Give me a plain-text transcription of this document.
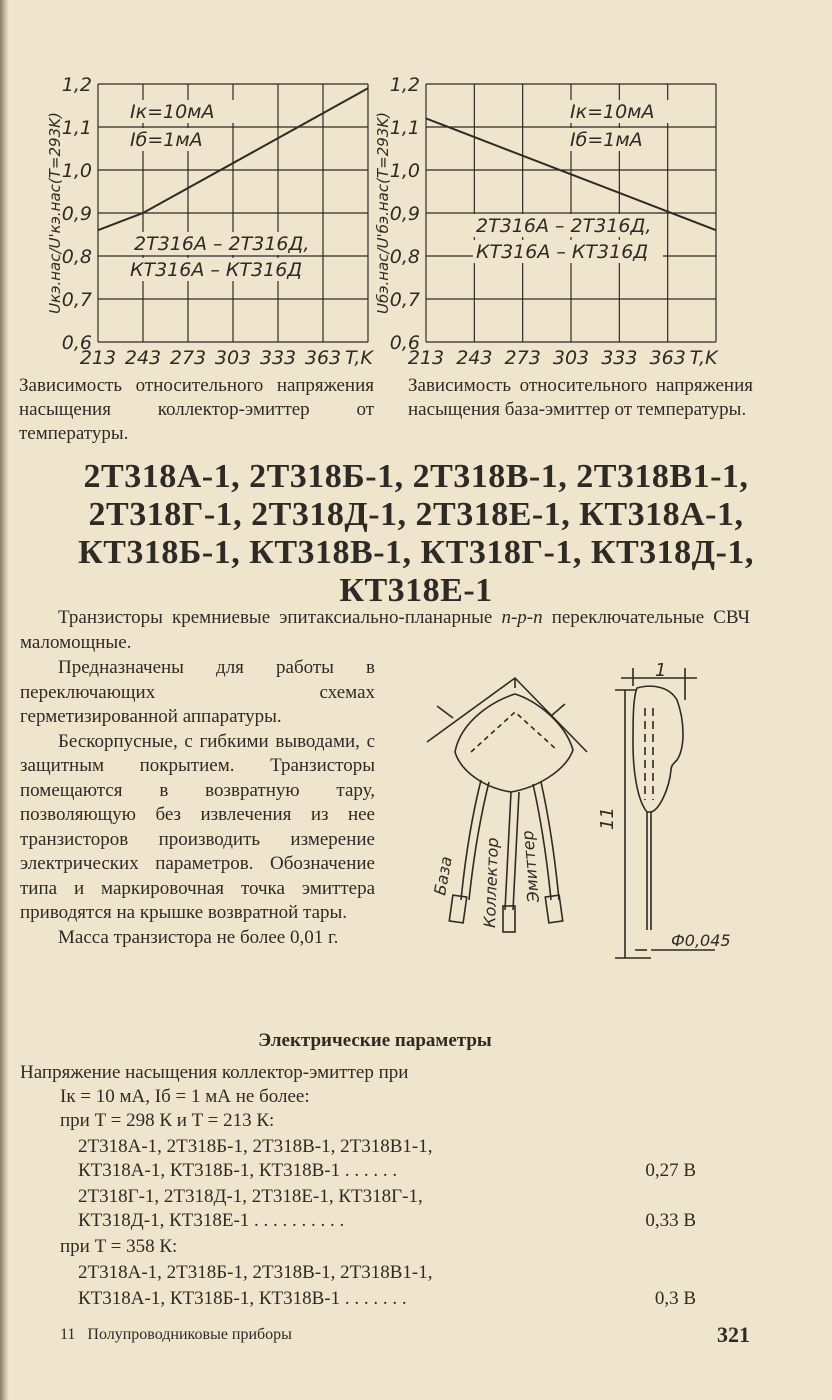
0,6
0,7
0,8
0,9
1,0
1,1
1,2
213 243 273 303 333 363 T,K
Uкэ.нас/U'кэ.нас(T=293K)
Iк=10мА
Iб=1мА
2Т316А – 2Т316Д,
КТ316А – КТ316Д
0,6
0,7
0,8
0,9
1,0
1,1
1,2
213 243 273 303 333 363 T,K
Uбэ.нас/U'бэ.нас(T=293K)	Iк=10мА
Iб=1мА
2Т316А – 2Т316Д,
КТ316А – КТ316Д
Зависимость относительного напряжения насыщения коллектор-эмиттер от температуры.
Зависимость относительного напряжения насыщения база-эмиттер от температуры.
2Т318А-1, 2Т318Б-1, 2Т318В-1, 2Т318В1-1,
2Т318Г-1, 2Т318Д-1, 2Т318Е-1, КТ318А-1,
КТ318Б-1, КТ318В-1, КТ318Г-1, КТ318Д-1,
КТ318Е-1

Транзисторы кремниевые эпитаксиально-планарные n-p-n переключательные СВЧ маломощные.

Предназначены для работы в переключающих схемах герметизированной аппаратуры.

Бескорпусные, с гибкими выводами, с защитным покрытием. Транзисторы помещаются в возвратную тару, позволяющую без извлечения из нее транзисторов производить измерение электрических параметров. Обозначение типа и маркировочная точка эмиттера приводятся на крышке возвратной тары.

Масса транзистора не более 0,01 г.

1
11
Ф0,045
База Коллектор Эмиттер
Электрические параметры
Напряжение насыщения коллектор-эмиттер при
Iк = 10 мА, Iб = 1 мА не более:
при T = 298 К и T = 213 К:
2Т318А-1, 2Т318Б-1, 2Т318В-1, 2Т318В1-1,
КТ318А-1, КТ318Б-1, КТ318В-1 . . . . . .	0,27 В
2Т318Г-1, 2Т318Д-1, 2Т318Е-1, КТ318Г-1,
КТ318Д-1, КТ318Е-1 . . . . . . . . . .	0,33 В
при T = 358 К:
2Т318А-1, 2Т318Б-1, 2Т318В-1, 2Т318В1-1,
КТ318А-1, КТ318Б-1, КТ318В-1 . . . . . . .	0,3 В
11   Полупроводниковые приборы	321
